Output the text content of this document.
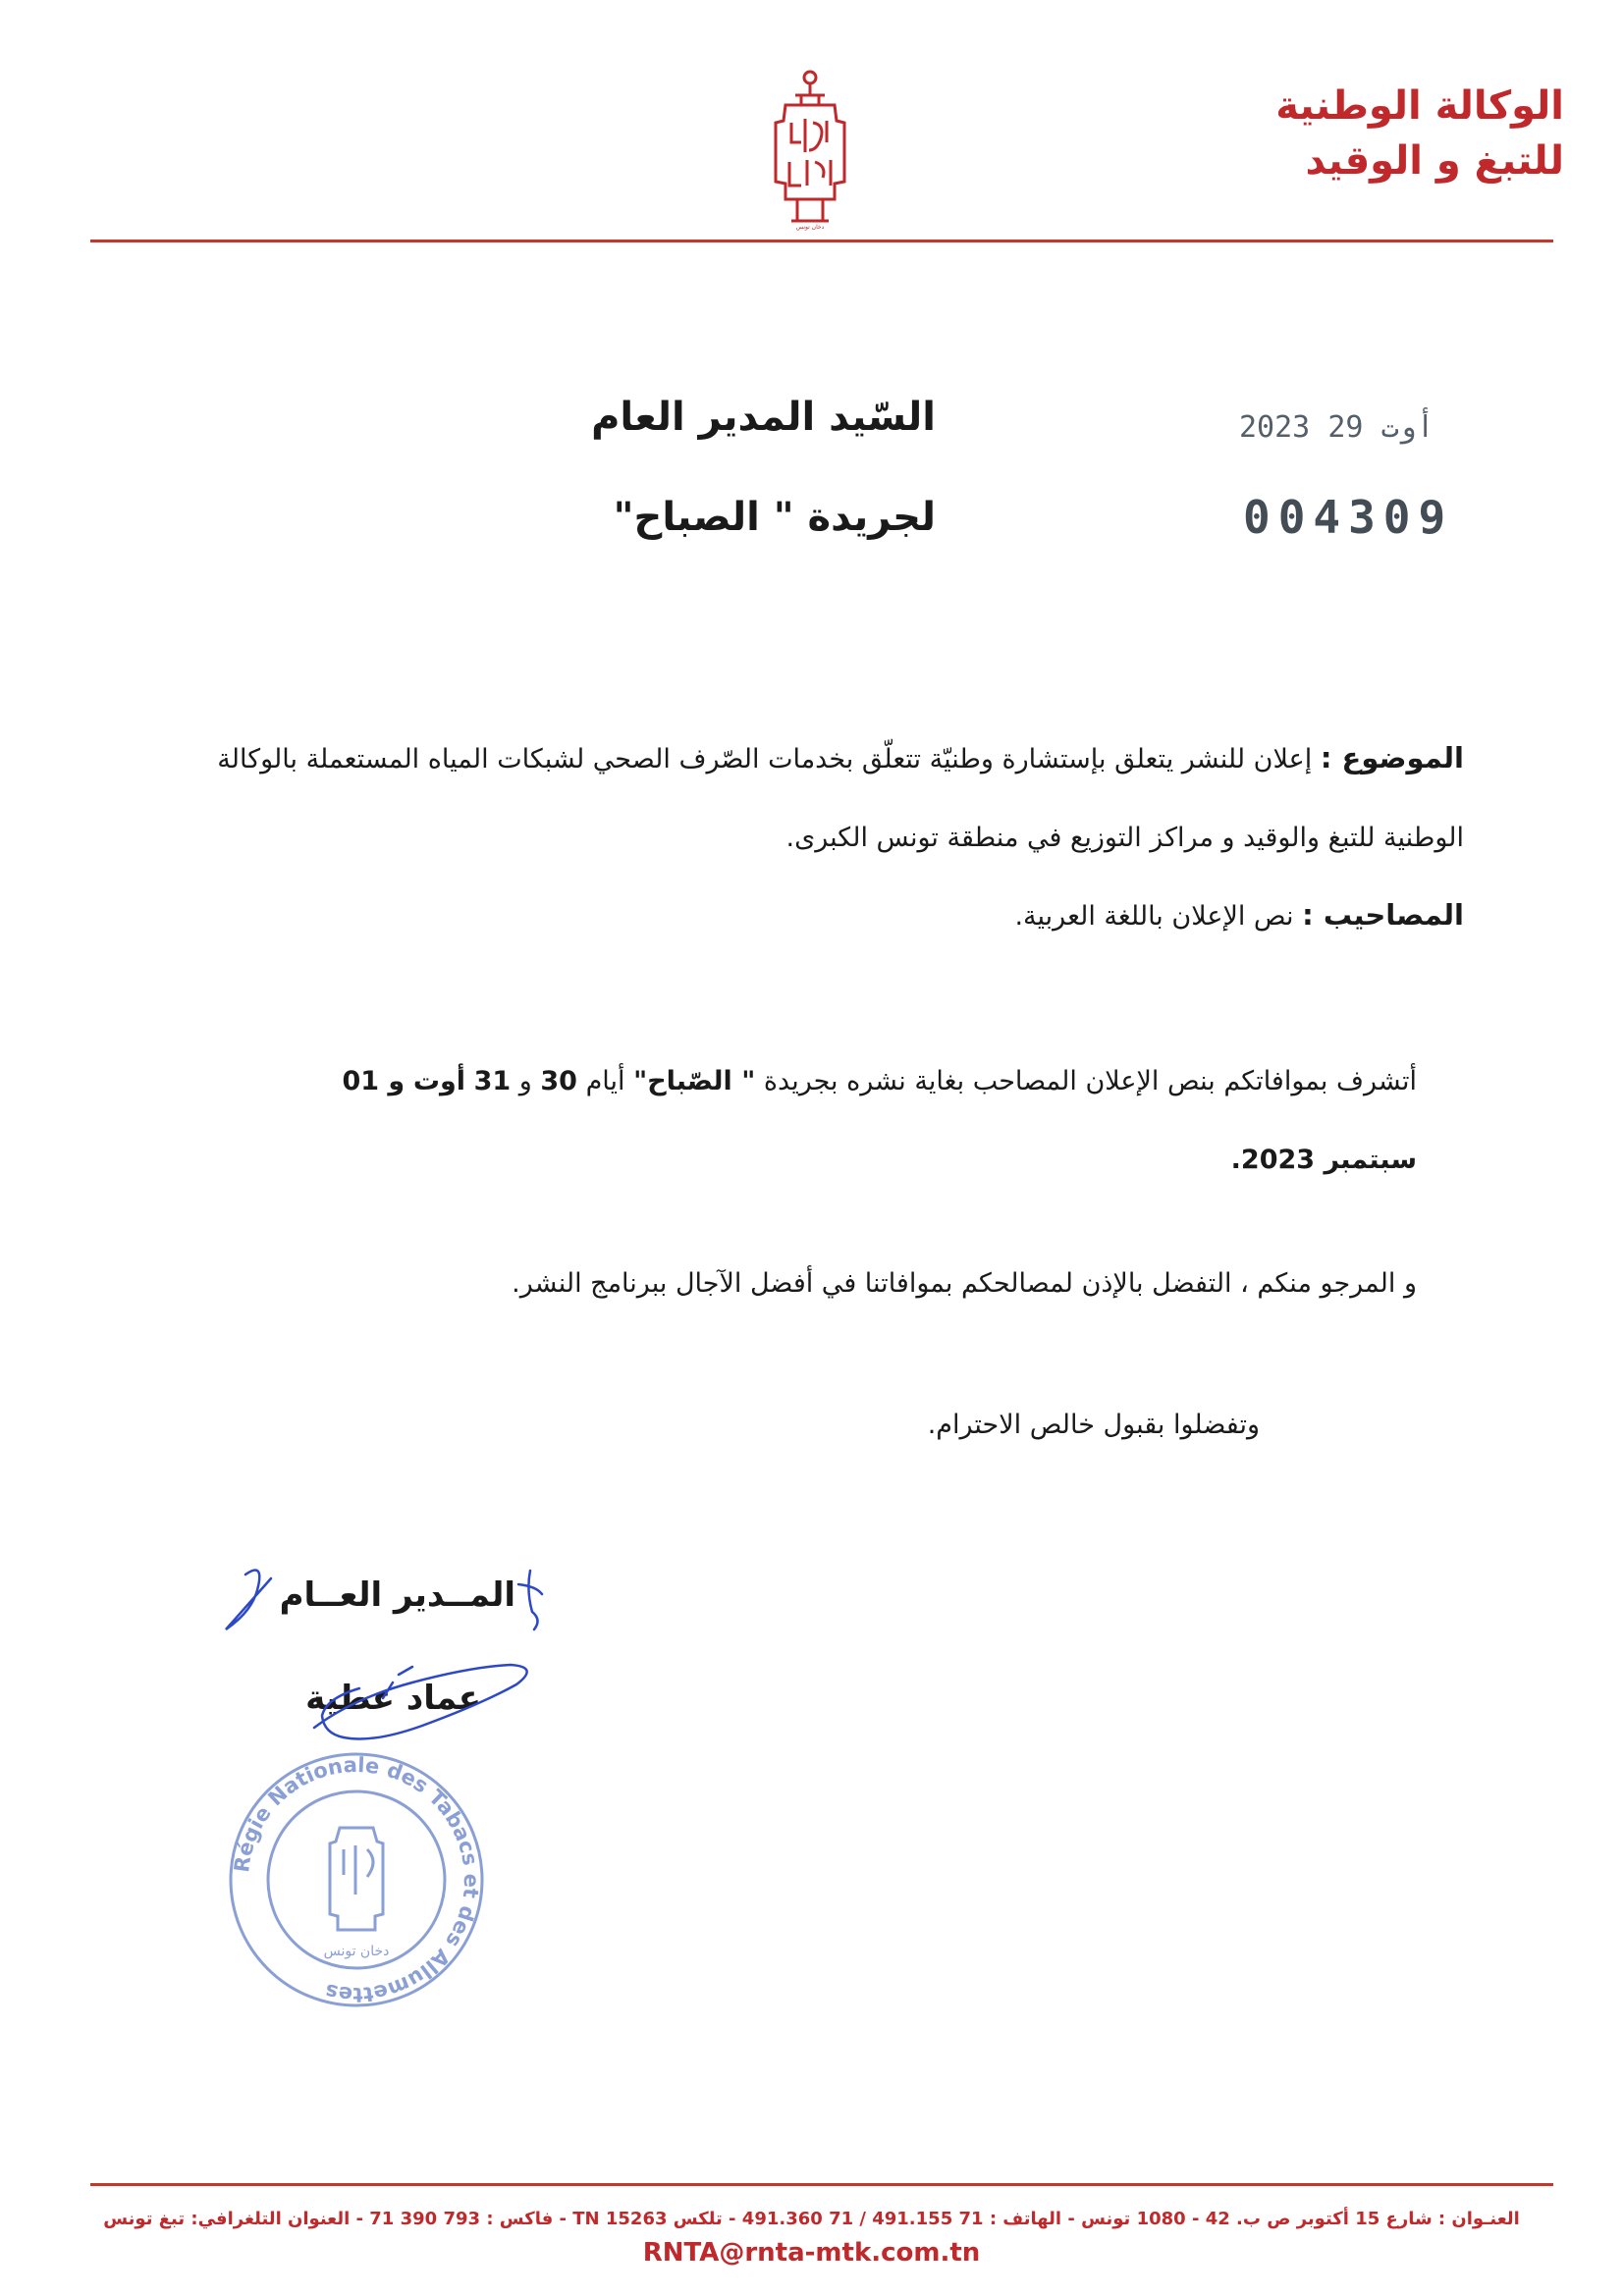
الوكالة الوطنية
للتبغ و الوقيد
دخان تونس
السّيد المدير العام
لجريدة " الصباح"
2023 أوت 29
004309
الموضوع : إعلان للنشر يتعلق بإستشارة وطنيّة تتعلّق بخدمات الصّرف الصحي لشبكات المياه المستعملة بالوكالة الوطنية للتبغ والوقيد و مراكز التوزيع في منطقة تونس الكبرى.
المصاحيب : نص الإعلان باللغة العربية.
أتشرف بموافاتكم بنص الإعلان المصاحب بغاية نشره بجريدة " الصّباح" أيام 30 و 31 أوت و 01 سبتمبر 2023.
و المرجو منكم ، التفضل بالإذن لمصالحكم بموافاتنا في أفضل الآجال ببرنامج النشر.
وتفضلوا بقبول خالص الاحترام.
المــدير العــام
عماد عطية
Régie Nationale des Tabacs et des Allumettes
دخان تونس
العنـوان : شارع 15 أكتوبر ص ب. 42 - 1080 تونس - الهاتف : 71 491.155 / 71 491.360 - تلكس 15263 TN - فاكس : 793 390 71 - العنوان التلغرافي: تبغ تونس
RNTA@rnta-mtk.com.tn
